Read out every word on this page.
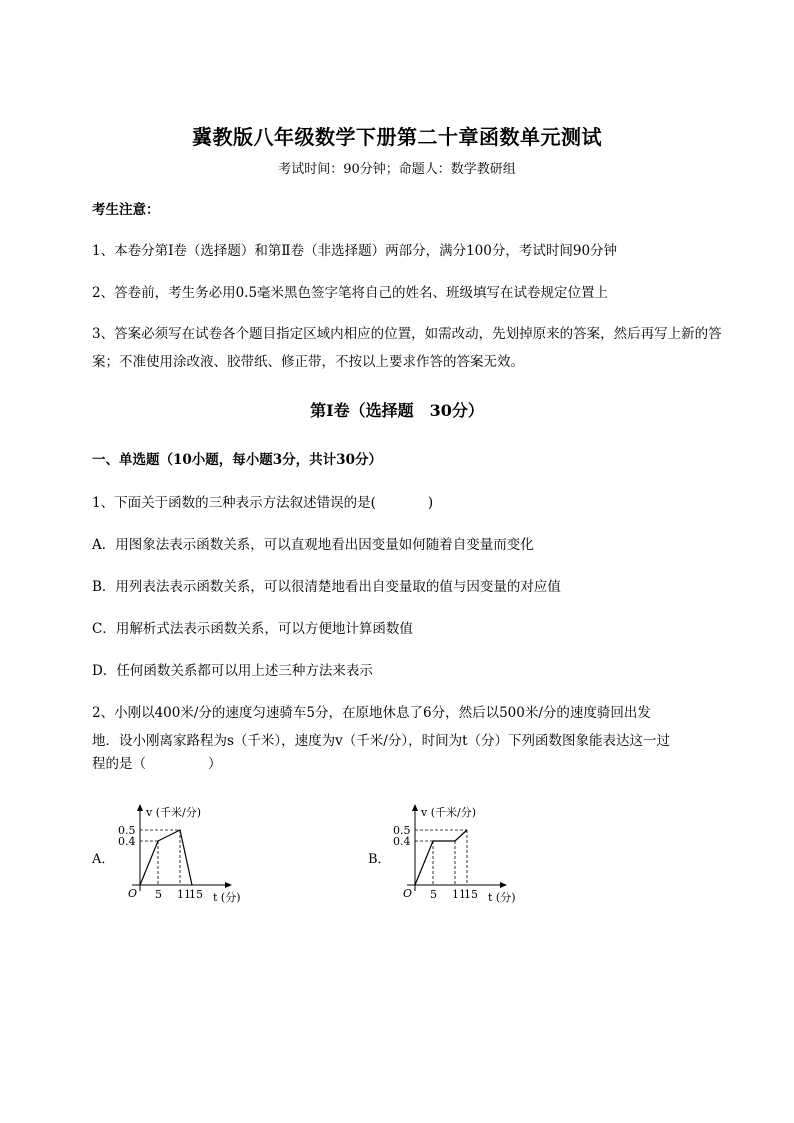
冀教版八年级数学下册第二十章函数单元测试
考试时间：90分钟；命题人：数学教研组
考生注意：
1、本卷分第I卷（选择题）和第Ⅱ卷（非选择题）两部分，满分100分，考试时间90分钟
2、答卷前，考生务必用0.5毫米黑色签字笔将自己的姓名、班级填写在试卷规定位置上
3、答案必须写在试卷各个题目指定区域内相应的位置，如需改动，先划掉原来的答案，然后再写上新的答案；不准使用涂改液、胶带纸、修正带，不按以上要求作答的答案无效。
第I卷（选择题　30分）
一、单选题（10小题，每小题3分，共计30分）
1、下面关于函数的三种表示方法叙述错误的是(	)
A．用图象法表示函数关系，可以直观地看出因变量如何随着自变量而变化
B．用列表法表示函数关系，可以很清楚地看出自变量取的值与因变量的对应值
C．用解析式法表示函数关系，可以方便地计算函数值
D．任何函数关系都可以用上述三种方法来表示
2、小刚以400米/分的速度匀速骑车5分，在原地休息了6分，然后以500米/分的速度骑回出发
地．设小刚离家路程为s（千米），速度为v（千米/分），时间为t（分）下列函数图象能表达这一过
程的是（	）
A．
v (千米/分)
t (分)
O
0.5
0.4
5 11
15
B．
v (千米/分)
t (分)
O
0.5
0.4
5 11
15
